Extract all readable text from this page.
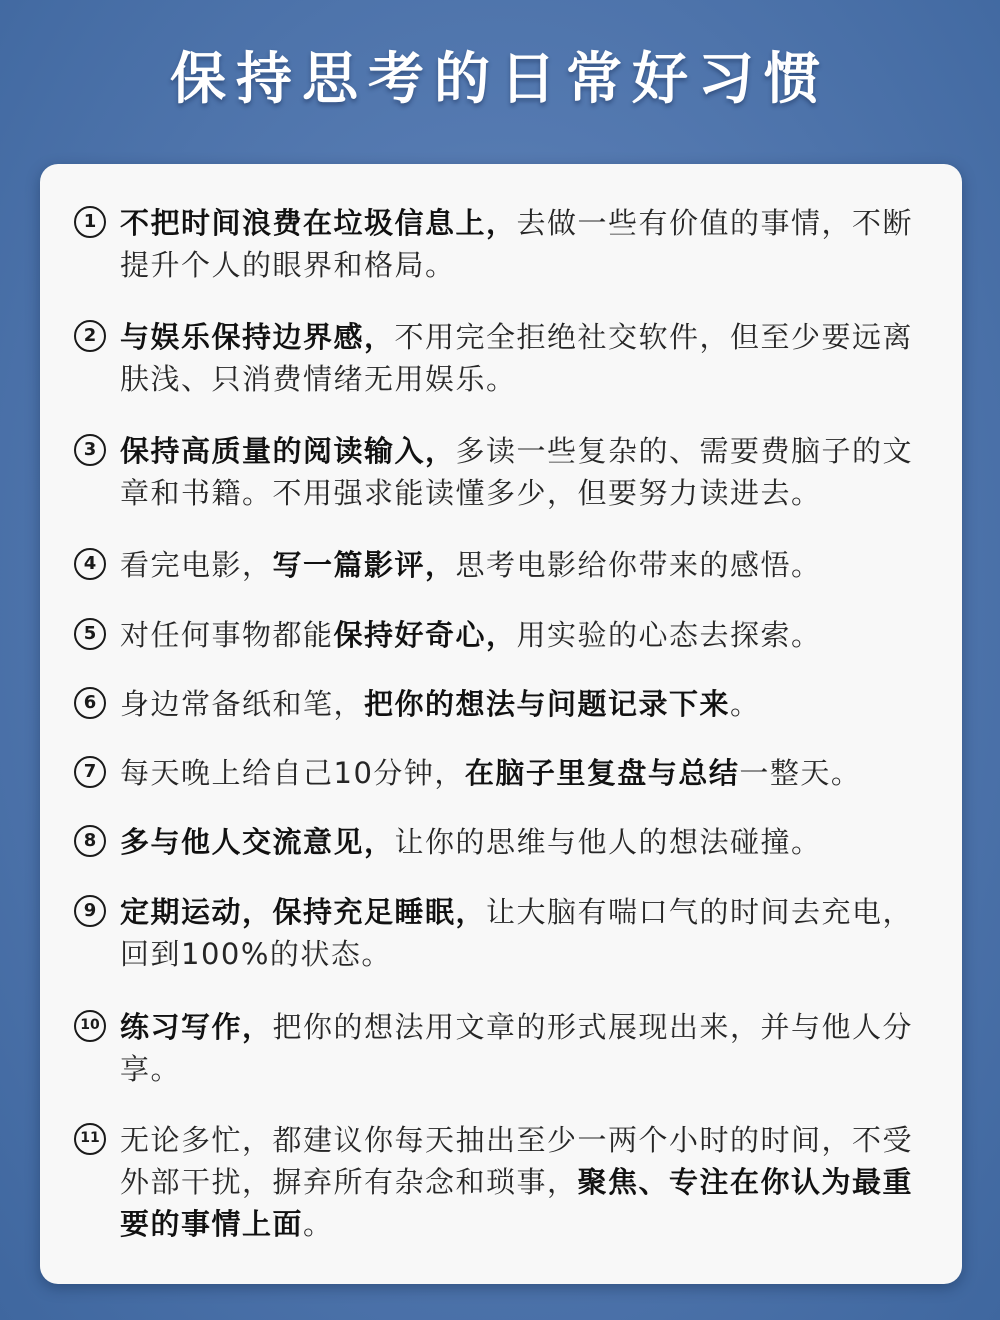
保持思考的日常好习惯
1 不把时间浪费在垃圾信息上，去做一些有价值的事情，不断提升个人的眼界和格局。
2 与娱乐保持边界感，不用完全拒绝社交软件，但至少要远离肤浅、只消费情绪无用娱乐。
3 保持高质量的阅读输入，多读一些复杂的、需要费脑子的文章和书籍。不用强求能读懂多少，但要努力读进去。
4 看完电影，写一篇影评，思考电影给你带来的感悟。
5 对任何事物都能保持好奇心，用实验的心态去探索。
6 身边常备纸和笔，把你的想法与问题记录下来。
7 每天晚上给自己10分钟，在脑子里复盘与总结一整天。
8 多与他人交流意见，让你的思维与他人的想法碰撞。
9 定期运动，保持充足睡眠，让大脑有喘口气的时间去充电，回到100%的状态。
10 练习写作，把你的想法用文章的形式展现出来，并与他人分享。
11 无论多忙，都建议你每天抽出至少一两个小时的时间，不受外部干扰，摒弃所有杂念和琐事，聚焦、专注在你认为最重要的事情上面。
